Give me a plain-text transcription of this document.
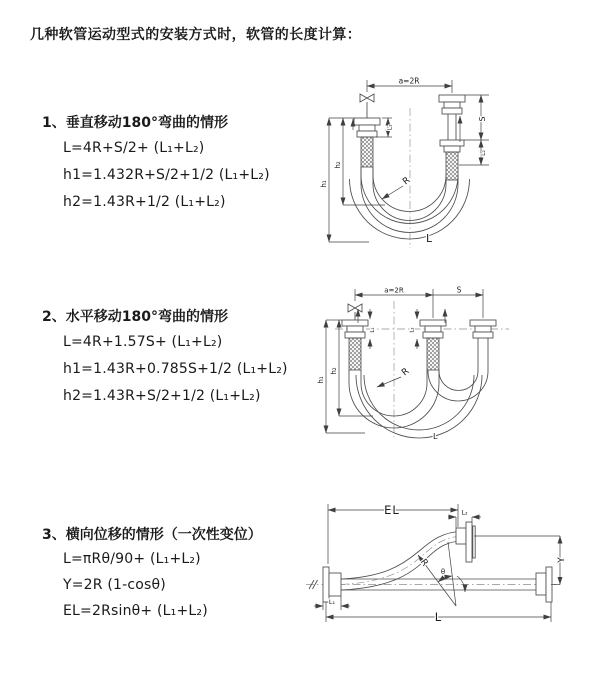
几种软管运动型式的安装方式时，软管的长度计算：
1、垂直移动180°弯曲的情形
L=4R+S/2+ (L₁+L₂)
h1=1.432R+S/2+1/2 (L₁+L₂)
h2=1.43R+1/2 (L₁+L₂)
2、水平移动180°弯曲的情形
L=4R+1.57S+ (L₁+L₂)
h1=1.43R+0.785S+1/2 (L₁+L₂)
h2=1.43R+S/2+1/2 (L₁+L₂)
3、横向位移的情形（一次性变位）
L=πRθ/90+ (L₁+L₂)
Y=2R (1-cosθ)
EL=2Rsinθ+ (L₁+L₂)
a=2R
L₁
S
L₂
h₁
h₂
R
L
a=2R	S
L₁	L₂
h₁
h₂	R
L
EL	L₂
θ
R	Y
L₁
L
